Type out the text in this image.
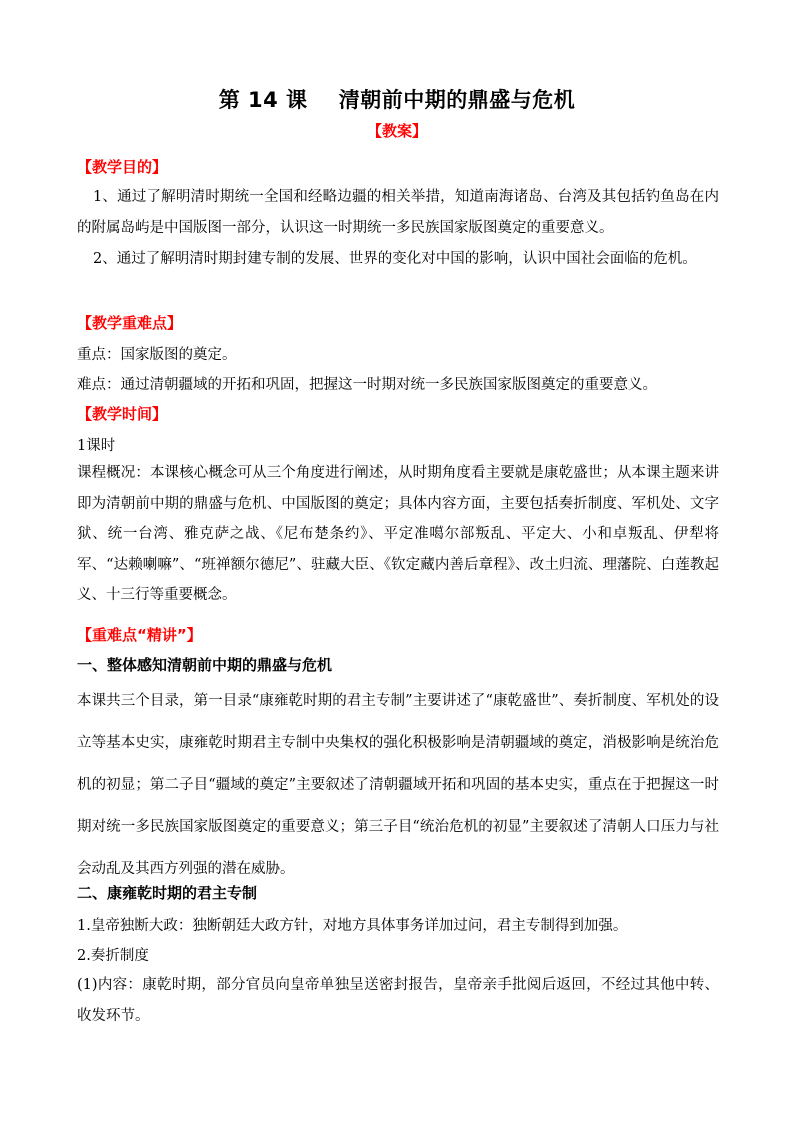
第 14 课    清朝前中期的鼎盛与危机
【教案】
【教学目的】

1、通过了解明清时期统一全国和经略边疆的相关举措，知道南海诸岛、台湾及其包括钓鱼岛在内的附属岛屿是中国版图一部分，认识这一时期统一多民族国家版图奠定的重要意义。

2、通过了解明清时期封建专制的发展、世界的变化对中国的影响，认识中国社会面临的危机。

【教学重难点】
重点：国家版图的奠定。
难点：通过清朝疆域的开拓和巩固，把握这一时期对统一多民族国家版图奠定的重要意义。
【教学时间】
1课时

课程概况：本课核心概念可从三个角度进行阐述，从时期角度看主要就是康乾盛世；从本课主题来讲即为清朝前中期的鼎盛与危机、中国版图的奠定；具体内容方面，主要包括奏折制度、军机处、文字狱、统一台湾、雅克萨之战、《尼布楚条约》、平定准噶尔部叛乱、平定大、小和卓叛乱、伊犁将军、“达赖喇嘛”、“班禅额尔德尼”、驻藏大臣、《钦定藏内善后章程》、改土归流、理藩院、白莲教起义、十三行等重要概念。

【重难点“精讲”】
一、整体感知清朝前中期的鼎盛与危机

本课共三个目录，第一目录“康雍乾时期的君主专制”主要讲述了“康乾盛世”、奏折制度、军机处的设立等基本史实，康雍乾时期君主专制中央集权的强化积极影响是清朝疆域的奠定，消极影响是统治危机的初显；第二子目“疆域的奠定”主要叙述了清朝疆域开拓和巩固的基本史实，重点在于把握这一时期对统一多民族国家版图奠定的重要意义；第三子目“统治危机的初显”主要叙述了清朝人口压力与社会动乱及其西方列强的潜在威胁。

二、康雍乾时期的君主专制
1.皇帝独断大政：独断朝廷大政方针，对地方具体事务详加过问，君主专制得到加强。
2.奏折制度

(1)内容：康乾时期，部分官员向皇帝单独呈送密封报告，皇帝亲手批阅后返回，不经过其他中转、收发环节。
